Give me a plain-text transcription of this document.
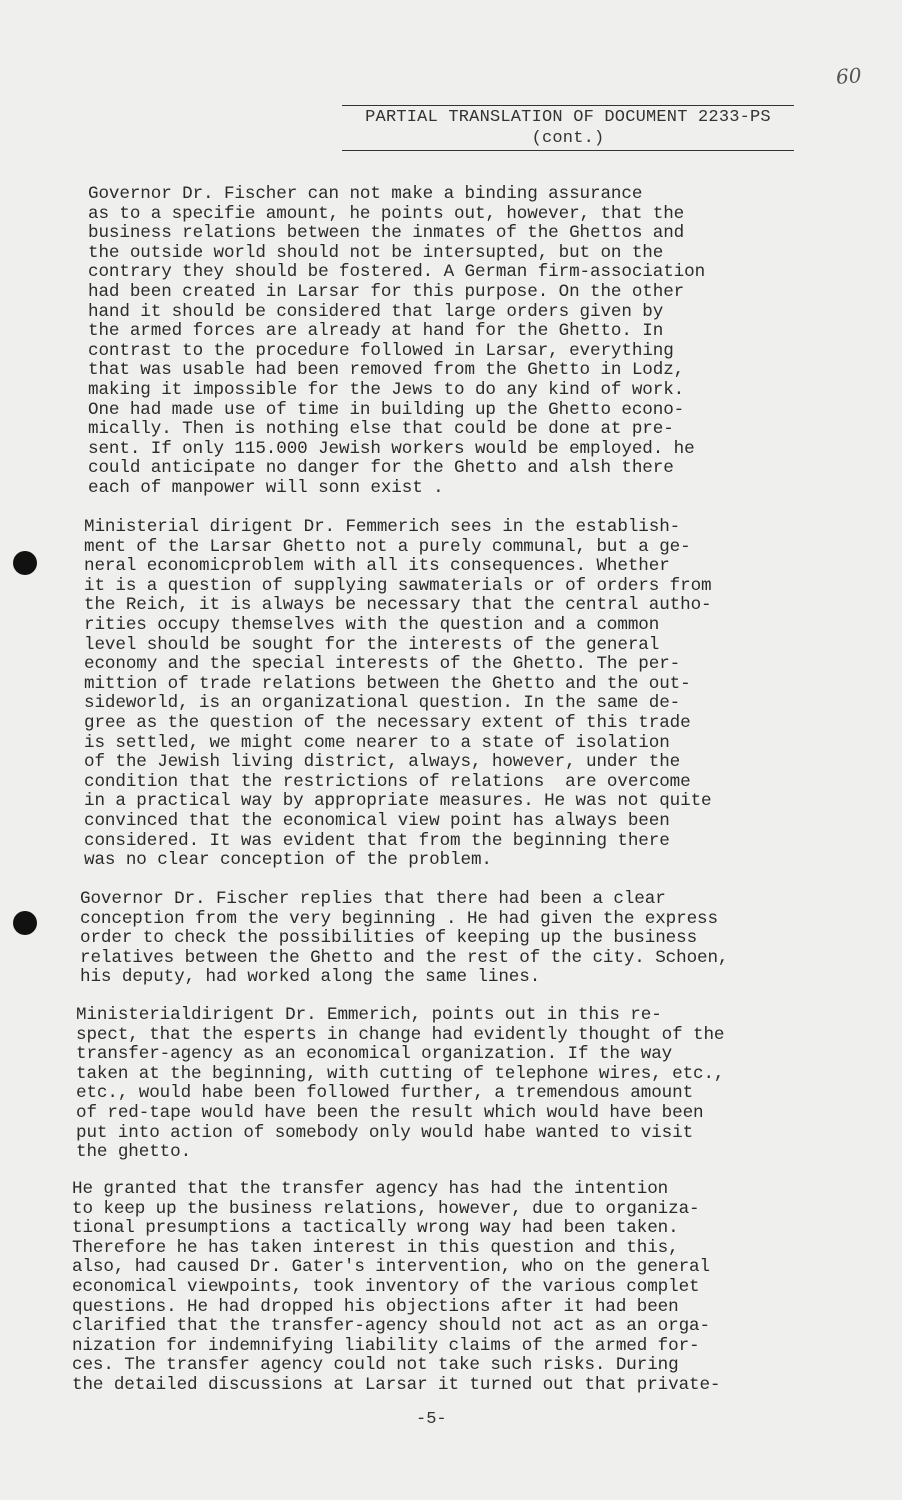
60
PARTIAL TRANSLATION OF DOCUMENT 2233-PS
(cont.)

Governor Dr. Fischer can not make a binding assurance
as to a specifie amount, he points out, however, that the
business relations between the inmates of the Ghettos and
the outside world should not be intersupted, but on the
contrary they should be fostered. A German firm-association
had been created in Larsar for this purpose. On the other
hand it should be considered that large orders given by
the armed forces are already at hand for the Ghetto. In
contrast to the procedure followed in Larsar, everything
that was usable had been removed from the Ghetto in Lodz,
making it impossible for the Jews to do any kind of work.
One had made use of time in building up the Ghetto econo-
mically. Then is nothing else that could be done at pre-
sent. If only 115.000 Jewish workers would be employed. he
could anticipate no danger for the Ghetto and alsh there
each of manpower will sonn exist .

Ministerial dirigent Dr. Femmerich sees in the establish-
ment of the Larsar Ghetto not a purely communal, but a ge-
neral economicproblem with all its consequences. Whether
it is a question of supplying sawmaterials or of orders from
the Reich, it is always be necessary that the central autho-
rities occupy themselves with the question and a common
level should be sought for the interests of the general
economy and the special interests of the Ghetto. The per-
mittion of trade relations between the Ghetto and the out-
sideworld, is an organizational question. In the same de-
gree as the question of the necessary extent of this trade
is settled, we might come nearer to a state of isolation
of the Jewish living district, always, however, under the
condition that the restrictions of relations  are overcome
in a practical way by appropriate measures. He was not quite
convinced that the economical view point has always been
considered. It was evident that from the beginning there
was no clear conception of the problem.

Governor Dr. Fischer replies that there had been a clear
conception from the very beginning . He had given the express
order to check the possibilities of keeping up the business
relatives between the Ghetto and the rest of the city. Schoen,
his deputy, had worked along the same lines.

Ministerialdirigent Dr. Emmerich, points out in this re-
spect, that the esperts in change had evidently thought of the
transfer-agency as an economical organization. If the way
taken at the beginning, with cutting of telephone wires, etc.,
etc., would habe been followed further, a tremendous amount
of red-tape would have been the result which would have been
put into action of somebody only would habe wanted to visit
the ghetto.

He granted that the transfer agency has had the intention
to keep up the business relations, however, due to organiza-
tional presumptions a tactically wrong way had been taken.
Therefore he has taken interest in this question and this,
also, had caused Dr. Gater's intervention, who on the general
economical viewpoints, took inventory of the various complet
questions. He had dropped his objections after it had been
clarified that the transfer-agency should not act as an orga-
nization for indemnifying liability claims of the armed for-
ces. The transfer agency could not take such risks. During
the detailed discussions at Larsar it turned out that private-

-5-
